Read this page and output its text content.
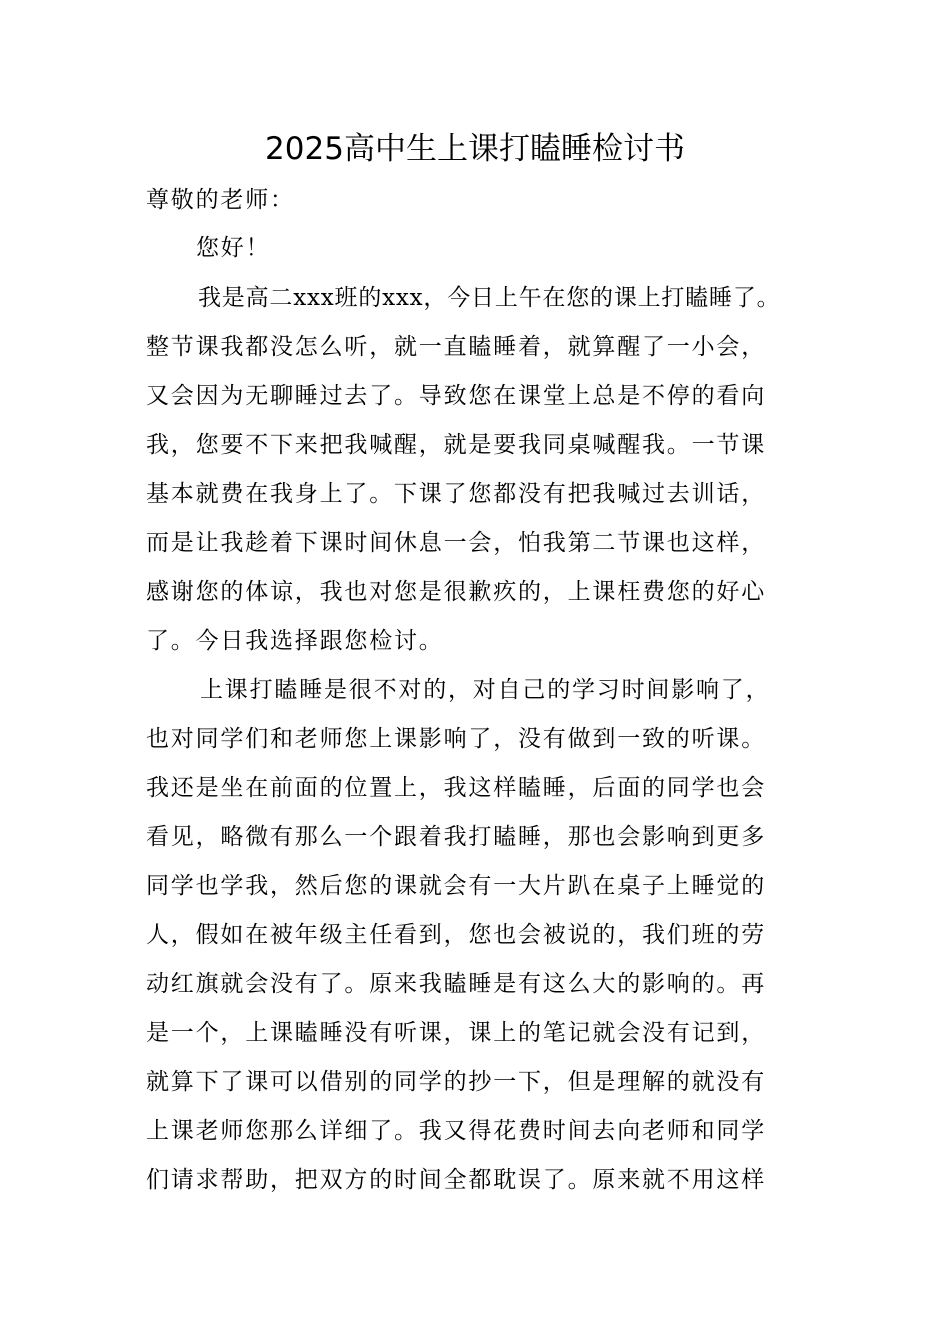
2025高中生上课打瞌睡检讨书
尊敬的老师：
您好！
我是高二xxx班的xxx，今日上午在您的课上打瞌睡了。
整节课我都没怎么听，就一直瞌睡着，就算醒了一小会，
又会因为无聊睡过去了。导致您在课堂上总是不停的看向
我，您要不下来把我喊醒，就是要我同桌喊醒我。一节课
基本就费在我身上了。下课了您都没有把我喊过去训话，
而是让我趁着下课时间休息一会，怕我第二节课也这样，
感谢您的体谅，我也对您是很歉疚的，上课枉费您的好心
了。今日我选择跟您检讨。
上课打瞌睡是很不对的，对自己的学习时间影响了，
也对同学们和老师您上课影响了，没有做到一致的听课。
我还是坐在前面的位置上，我这样瞌睡，后面的同学也会
看见，略微有那么一个跟着我打瞌睡，那也会影响到更多
同学也学我，然后您的课就会有一大片趴在桌子上睡觉的
人，假如在被年级主任看到，您也会被说的，我们班的劳
动红旗就会没有了。原来我瞌睡是有这么大的影响的。再
是一个，上课瞌睡没有听课，课上的笔记就会没有记到，
就算下了课可以借别的同学的抄一下，但是理解的就没有
上课老师您那么详细了。我又得花费时间去向老师和同学
们请求帮助，把双方的时间全都耽误了。原来就不用这样
